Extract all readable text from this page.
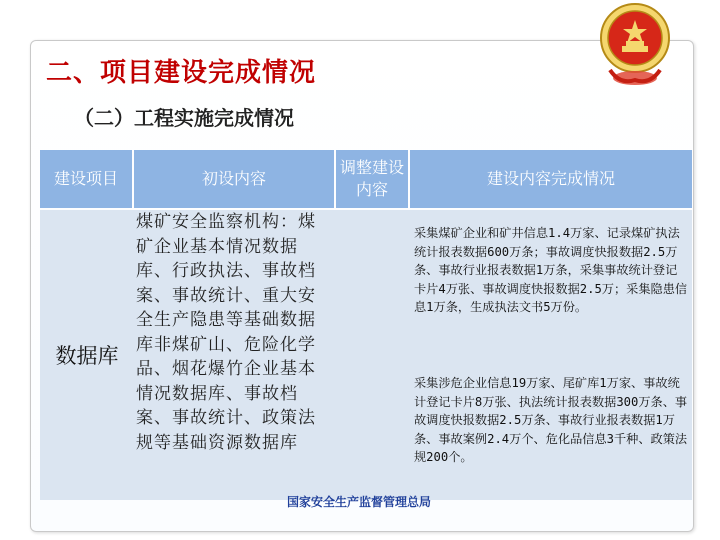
二、项目建设完成情况
（二）工程实施完成情况
建设项目	初设内容
调整建设内容
建设内容完成情况
数据库
煤矿安全监察机构：煤矿企业基本情况数据库、行政执法、事故档案、事故统计、重大安全生产隐患等基础数据库非煤矿山、危险化学品、烟花爆竹企业基本情况数据库、事故档案、事故统计、政策法规等基础资源数据库
采集煤矿企业和矿井信息1.4万家、记录煤矿执法统计报表数据600万条；事故调度快报数据2.5万条、事故行业报表数据1万条，采集事故统计登记卡片4万张、事故调度快报数据2.5万；采集隐患信息1万条，生成执法文书5万份。
采集涉危企业信息19万家、尾矿库1万家、事故统计登记卡片8万张、执法统计报表数据300万条、事故调度快报数据2.5万条、事故行业报表数据1万条、事故案例2.4万个、危化品信息3千种、政策法规200个。

国家安全生产监督管理总局
